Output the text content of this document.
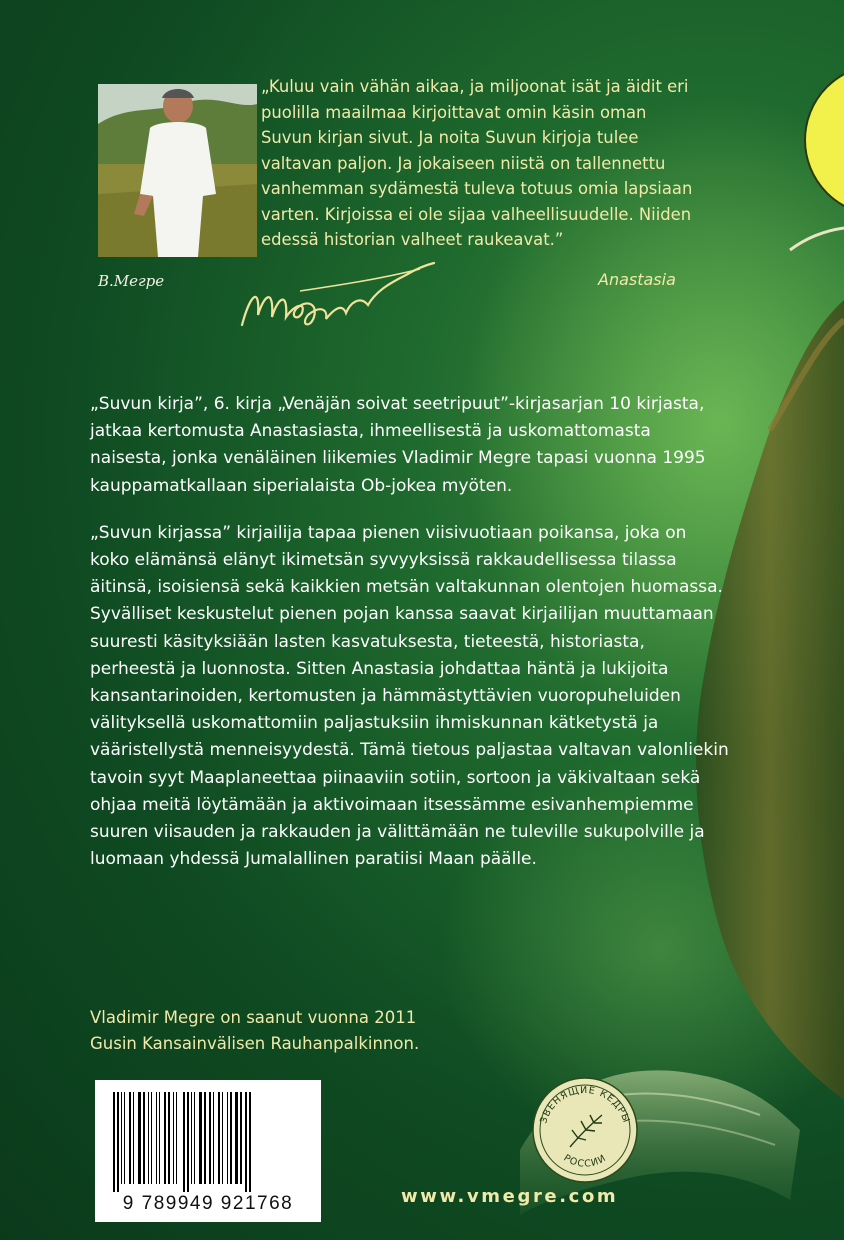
В.Мегре

„Kuluu vain vähän aikaa, ja miljoonat isät ja äidit eri puolilla maailmaa kirjoittavat omin käsin oman Suvun kirjan sivut. Ja noita Suvun kirjoja tulee valtavan paljon. Ja jokaiseen niistä on tallennettu vanhemman sydämestä tuleva totuus omia lapsiaan varten. Kirjoissa ei ole sijaa valheellisuudelle. Niiden edessä historian valheet raukeavat.”

Anastasia

„Suvun kirja”, 6. kirja „Venäjän soivat seetripuut”-kirjasarjan 10 kirjasta, jatkaa kertomusta Anastasiasta, ihmeellisestä ja uskomattomasta naisesta, jonka venäläinen liikemies Vladimir Megre tapasi vuonna 1995 kauppamatkallaan siperialaista Ob-jokea myöten.

„Suvun kirjassa” kirjailija tapaa pienen viisivuotiaan poikansa, joka on koko elämänsä elänyt ikimetsän syvyyksissä rakkaudellisessa tilassa äitinsä, isoisiensä sekä kaikkien metsän valtakunnan olentojen huomassa. Syvälliset keskustelut pienen pojan kanssa saavat kirjailijan muuttamaan suuresti käsityksiään lasten kasvatuksesta, tieteestä, historiasta, perheestä ja luonnosta. Sitten Anastasia johdattaa häntä ja lukijoita kansantarinoiden, kertomusten ja hämmästyttävien vuoropuheluiden välityksellä uskomattomiin paljastuksiin ihmiskunnan kätketystä ja vääristellystä menneisyydestä. Tämä tietous paljastaa valtavan valonliekin tavoin syyt Maaplaneettaa piinaaviin sotiin, sortoon ja väkivaltaan sekä ohjaa meitä löytämään ja aktivoimaan itsessämme esivanhempiemme suuren viisauden ja rakkauden ja välittämään ne tuleville sukupolville ja luomaan yhdessä Jumalallinen paratiisi Maan päälle.

Vladimir Megre on saanut vuonna 2011
Gusin Kansainvälisen Rauhanpalkinnon.
9 789949 921768
ЗВЕНЯЩИЕ КЕДРЫ
РОССИИ
www.vmegre.com
